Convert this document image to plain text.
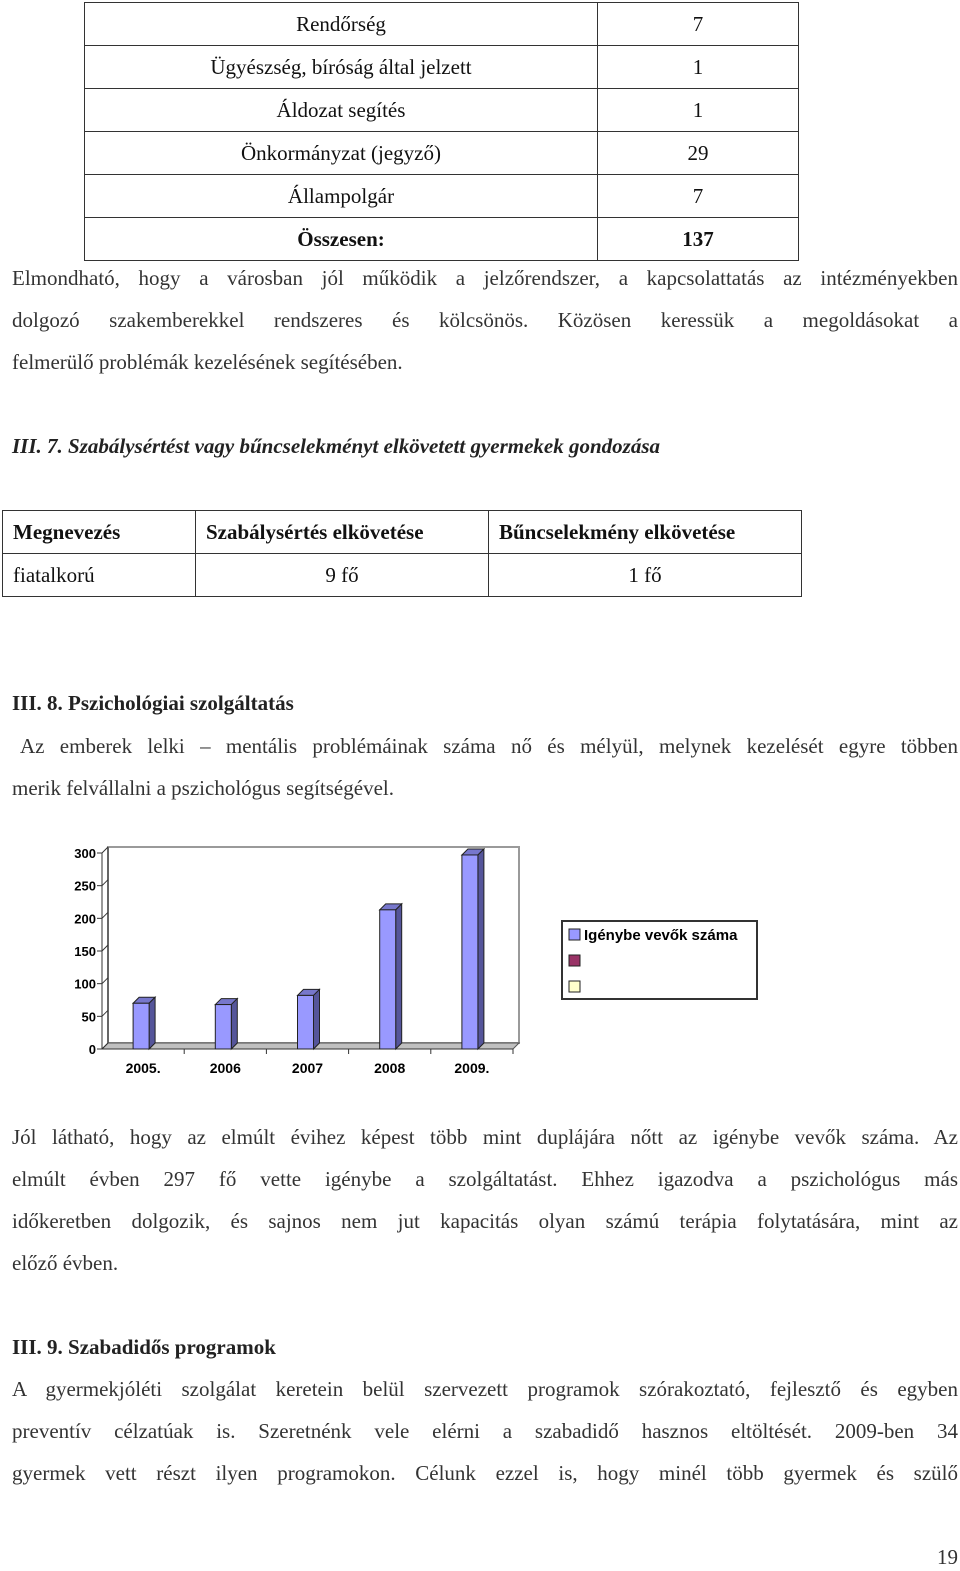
Rendőrség	7
Ügyészség, bíróság által jelzett	1
Áldozat segítés	1
Önkormányzat (jegyző)	29
Állampolgár	7
Összesen:	137
Elmondható, hogy a városban jól működik a jelzőrendszer, a kapcsolattatás az intézményekben
dolgozó szakemberekkel rendszeres és kölcsönös. Közösen keressük a megoldásokat a
felmerülő problémák kezelésének segítésében.
III. 7. Szabálysértést vagy bűncselekményt elkövetett gyermekek gondozása
Megnevezés	Szabálysértés elkövetése	Bűncselekmény elkövetése
fiatalkorú	9 fő	1 fő
III. 8. Pszichológiai szolgáltatás
Az emberek lelki – mentális problémáinak száma nő és mélyül, melynek kezelését egyre többen
merik felvállalni a pszichológus segítségével.
300
250
200
150
100
50
0
2005.	2006	2007	2008	2009.
Igénybe vevők száma
Jól látható, hogy az elmúlt évihez képest több mint duplájára nőtt az igénybe vevők száma. Az
elmúlt évben 297 fő vette igénybe a szolgáltatást. Ehhez igazodva a pszichológus más
időkeretben dolgozik, és sajnos nem jut kapacitás olyan számú terápia folytatására, mint az
előző évben.
III. 9. Szabadidős programok
A gyermekjóléti szolgálat keretein belül szervezett programok szórakoztató, fejlesztő és egyben
preventív célzatúak is. Szeretnénk vele elérni a szabadidő hasznos eltöltését. 2009-ben 34
gyermek vett részt ilyen programokon. Célunk ezzel is, hogy minél több gyermek és szülő
19
